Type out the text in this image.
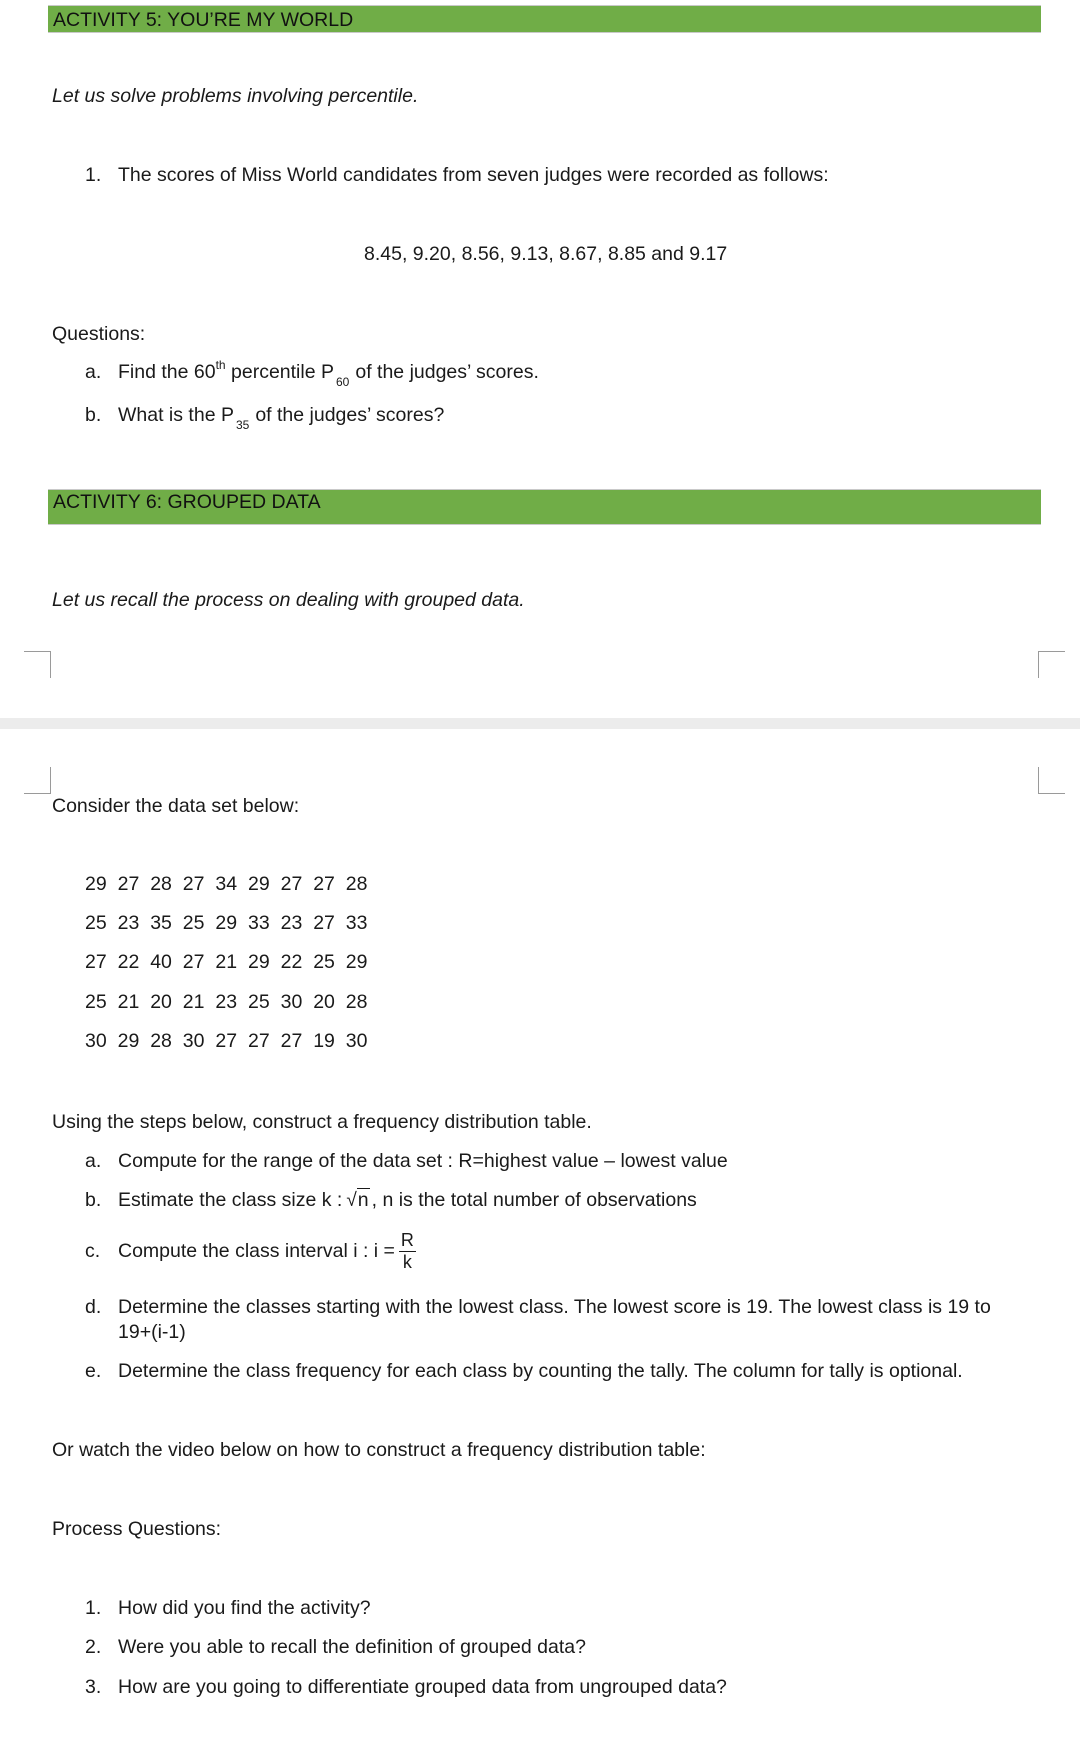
ACTIVITY 5: YOU’RE MY WORLD
Let us solve problems involving percentile.
1. The scores of Miss World candidates from seven judges were recorded as follows:
8.45, 9.20, 8.56, 9.13, 8.67, 8.85 and 9.17
Questions:
a. Find the 60th percentile P $_{60}$ of the judges’ scores.
b. What is the P $_{35}$ of the judges’ scores?
ACTIVITY 6: GROUPED DATA
Let us recall the process on dealing with grouped data.
Consider the data set below:
29 27 28 27 34 29 27 27 28
25 23 35 25 29 33 23 27 33
27 22 40 27 21 29 22 25 29
25 21 20 21 23 25 30 20 28
30 29 28 30 27 27 27 19 30
Using the steps below, construct a frequency distribution table.
a. Compute for the range of the data set : R=highest value – lowest value
b. Estimate the class size k : √n , n is the total number of observations
c. Compute the class interval i : $i = \frac{R}{k}$
d. Determine the classes starting with the lowest class. The lowest score is 19. The lowest class is 19 to
19+(i-1)
e. Determine the class frequency for each class by counting the tally. The column for tally is optional.
Or watch the video below on how to construct a frequency distribution table:
Process Questions:
1. How did you find the activity?
2. Were you able to recall the definition of grouped data?
3. How are you going to differentiate grouped data from ungrouped data?
